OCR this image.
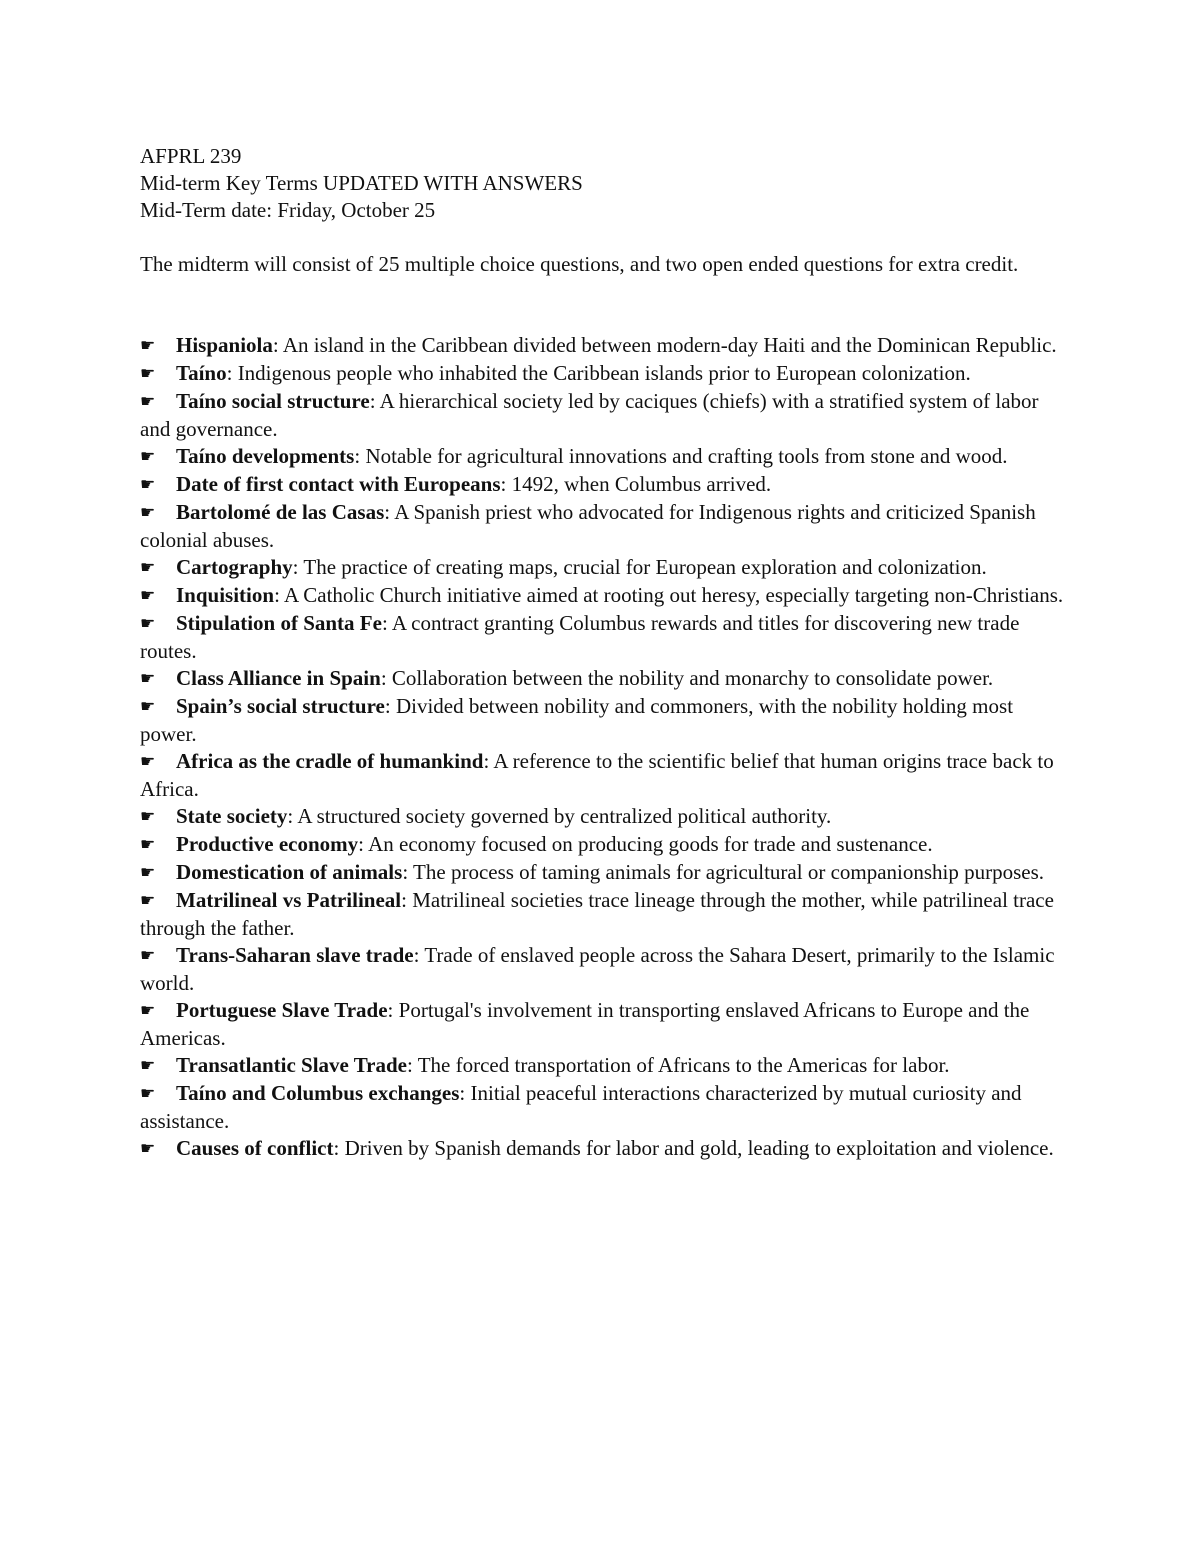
AFPRL 239
Mid-term Key Terms UPDATED WITH ANSWERS
Mid-Term date: Friday, October 25
The midterm will consist of 25 multiple choice questions, and two open ended questions for extra credit.
☛ Hispaniola: An island in the Caribbean divided between modern-day Haiti and the Dominican Republic.
☛ Taíno: Indigenous people who inhabited the Caribbean islands prior to European colonization.
☛ Taíno social structure: A hierarchical society led by caciques (chiefs) with a stratified system of labor and governance.
☛ Taíno developments: Notable for agricultural innovations and crafting tools from stone and wood.
☛ Date of first contact with Europeans: 1492, when Columbus arrived.
☛ Bartolomé de las Casas: A Spanish priest who advocated for Indigenous rights and criticized Spanish colonial abuses.
☛ Cartography: The practice of creating maps, crucial for European exploration and colonization.
☛ Inquisition: A Catholic Church initiative aimed at rooting out heresy, especially targeting non-Christians.
☛ Stipulation of Santa Fe: A contract granting Columbus rewards and titles for discovering new trade routes.
☛ Class Alliance in Spain: Collaboration between the nobility and monarchy to consolidate power.
☛ Spain’s social structure: Divided between nobility and commoners, with the nobility holding most power.
☛ Africa as the cradle of humankind: A reference to the scientific belief that human origins trace back to Africa.
☛ State society: A structured society governed by centralized political authority.
☛ Productive economy: An economy focused on producing goods for trade and sustenance.
☛ Domestication of animals: The process of taming animals for agricultural or companionship purposes.
☛ Matrilineal vs Patrilineal: Matrilineal societies trace lineage through the mother, while patrilineal trace through the father.
☛ Trans-Saharan slave trade: Trade of enslaved people across the Sahara Desert, primarily to the Islamic world.
☛ Portuguese Slave Trade: Portugal's involvement in transporting enslaved Africans to Europe and the Americas.
☛ Transatlantic Slave Trade: The forced transportation of Africans to the Americas for labor.
☛ Taíno and Columbus exchanges: Initial peaceful interactions characterized by mutual curiosity and assistance.
☛ Causes of conflict: Driven by Spanish demands for labor and gold, leading to exploitation and violence.
